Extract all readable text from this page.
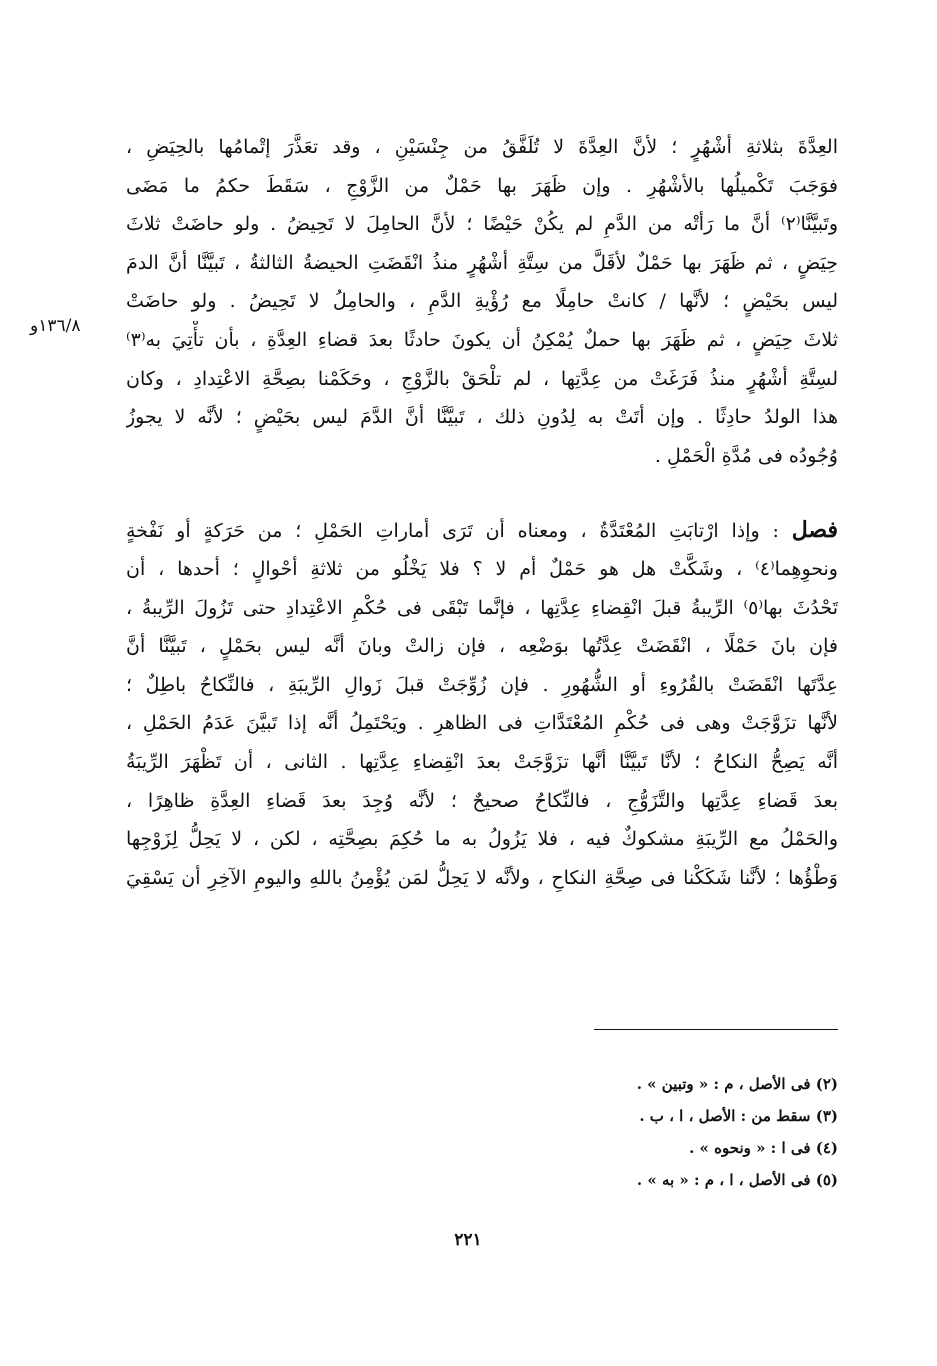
١٣٦/٨و
العِدَّةَ بثلاثةِ أشْهُرٍ ؛ لأنَّ العِدَّةَ لا تُلَفَّقُ من جِنْسَيْنِ ، وقد تعَذَّرَ إتْمامُها بالحِيَضِ ،
فوَجَبَ تَكْميلُها بالأشْهُرِ . وإن ظَهَرَ بها حَمْلٌ من الزَّوْجِ ، سَقَطَ حكمُ ما مَضَى
وتَبيَّنَّا⁽٢⁾ أنَّ ما رَأتْه من الدَّمِ لم يكُنْ حَيْضًا ؛ لأنَّ الحامِلَ لا تَحِيضُ . ولو حاضَتْ ثلاثَ
حِيَضٍ ، ثم ظَهَرَ بها حَمْلٌ لأقَلَّ من سِتَّةِ أشْهُرٍ منذُ انْقَضَتِ الحيضةُ الثالثةُ ، تَبيَّنَّا أنَّ الدمَ
ليس بحَيْضٍ ؛ لأنَّها / كانتْ حامِلًا مع رُؤْيةِ الدَّمِ ، والحامِلُ لا تَحِيضُ . ولو حاضَتْ
ثلاثَ حِيَضٍ ، ثم ظَهَرَ بها حملٌ يُمْكِنُ أن يكونَ حادثًا بعدَ قضاءِ العِدَّةِ ، بأن تأْتِيَ به⁽٣⁾
لسِتَّةِ أشْهُرٍ منذُ فَرَغَتْ من عِدَّتِها ، لم تلْحَقْ بالزَّوْجِ ، وحَكَمْنا بصِحَّةِ الاعْتِدادِ ، وكان
هذا الولدُ حادِثًا . وإن أتَتْ به لِدُونِ ذلك ، تَبيَّنَّا أنَّ الدَّمَ ليس بحَيْضٍ ؛ لأنَّه لا يجوزُ
وُجُودُه فى مُدَّةِ الْحَمْلِ .
فصل : وإذا ارْتابَتِ المُعْتَدَّةُ ، ومعناه أن تَرَى أماراتِ الحَمْلِ ؛ من حَرَكةٍ أو نَفْخةٍ
ونحوِهِما⁽٤⁾ ، وشَكَّتْ هل هو حَمْلٌ أم لا ؟ فلا يَخْلُو من ثلاثةِ أحْوالٍ ؛ أحدها ، أن
تَحْدُثَ بها⁽٥⁾ الرِّيبةُ قبلَ انْقِضاءِ عِدَّتِها ، فإنَّما تَبْقَى فى حُكْمِ الاعْتِدادِ حتى تَزُولَ الرِّيبةُ ،
فإن بانَ حَمْلًا ، انْقَضَتْ عِدَّتُها بوَضْعِه ، فإن زالتْ وبانَ أنَّه ليس بحَمْلٍ ، تَبيَّنَّا أنَّ
عِدَّتَها انْقَضَتْ بالقُرُوءِ أو الشُّهُورِ . فإن زُوِّجَتْ قبلَ زَوالِ الرِّيبَةِ ، فالنِّكاحُ باطِلٌ ؛
لأنَّها تزَوَّجَتْ وهى فى حُكْمِ المُعْتَدَّاتِ فى الظاهرِ . ويَحْتَمِلُ أنَّه إذا تَبيَّنَ عَدَمُ الحَمْلِ ،
أنَّه يَصِحُّ النكاحُ ؛ لأنَّا تَبيَّنَّا أنَّها تزَوَّجَتْ بعدَ انْقِضاءِ عِدَّتِها . الثانى ، أن تَظْهَرَ الرِّيبَةُ
بعدَ قَضاءِ عِدَّتِها والتَّزَوُّجِ ، فالنِّكاحُ صحيحٌ ؛ لأنَّه وُجِدَ بعدَ قَضاءِ العِدَّةِ ظاهِرًا ،
والحَمْلُ مع الرِّيبَةِ مشكوكٌ فيه ، فلا يَزُولُ به ما حُكِمَ بصِحَّتِه ، لكن ، لا يَحِلُّ لِزَوْجِها
وَطْؤُها ؛ لأنَّنا شَكَكْنا فى صِحَّةِ النكاحِ ، ولأنَّه لا يَحِلُّ لمَن يُؤْمِنُ باللهِ واليومِ الآخِرِ أن يَسْقِيَ
(٢) فى الأصل ، م : « وتبين » .
(٣) سقط من : الأصل ، ا ، ب .
(٤) فى ا : « ونحوه » .
(٥) فى الأصل ، ا ، م : « به » .
٢٢١
